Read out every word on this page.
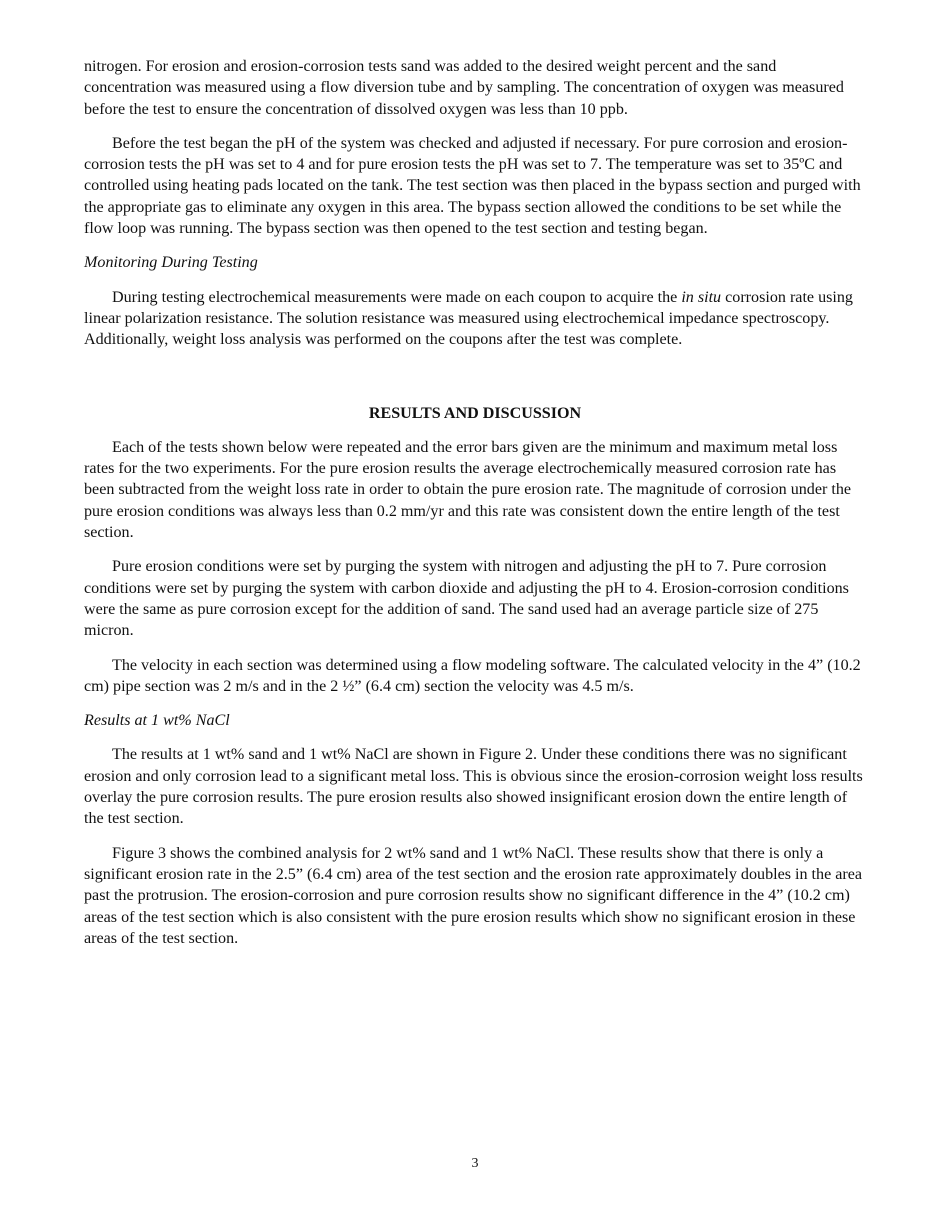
nitrogen. For erosion and erosion-corrosion tests sand was added to the desired weight percent and the sand concentration was measured using a flow diversion tube and by sampling. The concentration of oxygen was measured before the test to ensure the concentration of dissolved oxygen was less than 10 ppb.

Before the test began the pH of the system was checked and adjusted if necessary. For pure corrosion and erosion-corrosion tests the pH was set to 4 and for pure erosion tests the pH was set to 7. The temperature was set to 35ºC and controlled using heating pads located on the tank. The test section was then placed in the bypass section and purged with the appropriate gas to eliminate any oxygen in this area. The bypass section allowed the conditions to be set while the flow loop was running. The bypass section was then opened to the test section and testing began.

Monitoring During Testing

During testing electrochemical measurements were made on each coupon to acquire the in situ corrosion rate using linear polarization resistance. The solution resistance was measured using electrochemical impedance spectroscopy. Additionally, weight loss analysis was performed on the coupons after the test was complete.

RESULTS AND DISCUSSION

Each of the tests shown below were repeated and the error bars given are the minimum and maximum metal loss rates for the two experiments. For the pure erosion results the average electrochemically measured corrosion rate has been subtracted from the weight loss rate in order to obtain the pure erosion rate. The magnitude of corrosion under the pure erosion conditions was always less than 0.2 mm/yr and this rate was consistent down the entire length of the test section.

Pure erosion conditions were set by purging the system with nitrogen and adjusting the pH to 7. Pure corrosion conditions were set by purging the system with carbon dioxide and adjusting the pH to 4. Erosion-corrosion conditions were the same as pure corrosion except for the addition of sand. The sand used had an average particle size of 275 micron.

The velocity in each section was determined using a flow modeling software. The calculated velocity in the 4” (10.2 cm) pipe section was 2 m/s and in the 2 ½” (6.4 cm) section the velocity was 4.5 m/s.

Results at 1 wt% NaCl

The results at 1 wt% sand and 1 wt% NaCl are shown in Figure 2. Under these conditions there was no significant erosion and only corrosion lead to a significant metal loss. This is obvious since the erosion-corrosion weight loss results overlay the pure corrosion results. The pure erosion results also showed insignificant erosion down the entire length of the test section.

Figure 3 shows the combined analysis for 2 wt% sand and 1 wt% NaCl. These results show that there is only a significant erosion rate in the 2.5” (6.4 cm) area of the test section and the erosion rate approximately doubles in the area past the protrusion. The erosion-corrosion and pure corrosion results show no significant difference in the 4” (10.2 cm) areas of the test section which is also consistent with the pure erosion results which show no significant erosion in these areas of the test section.

3
